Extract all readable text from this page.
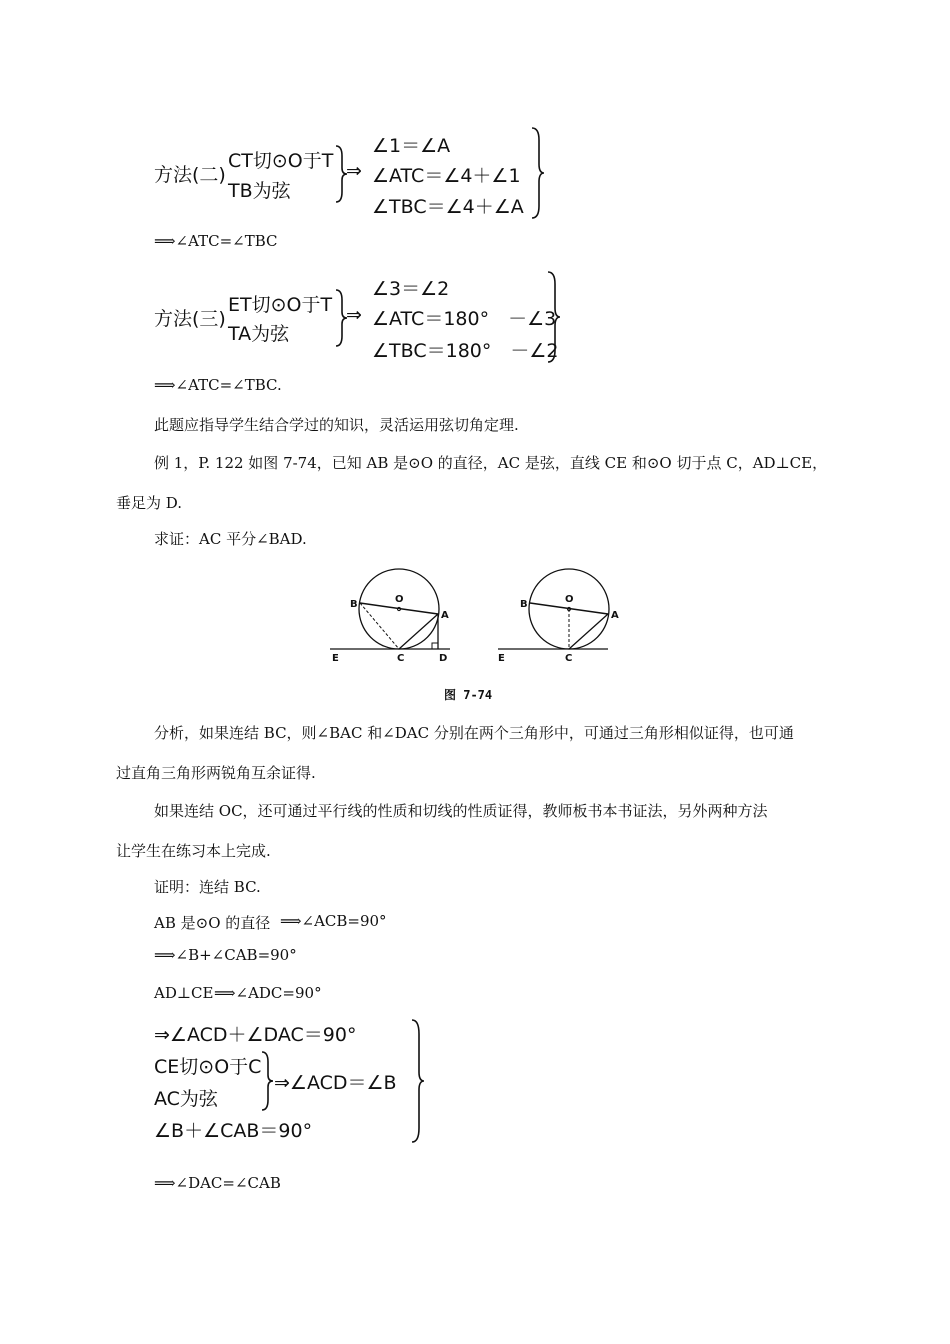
方法(二)
CT切⊙O于T
TB为弦
⇒
∠1＝∠A
∠ATC＝∠4＋∠1
∠TBC＝∠4＋∠A
⟹∠ATC=∠TBC
方法(三)
ET切⊙O于T
TA为弦
⇒
∠3＝∠2
∠ATC＝180°　－∠3
∠TBC＝180°　－∠2
⟹∠ATC=∠TBC.
此题应指导学生结合学过的知识，灵活运用弦切角定理.
例 1，P. 122 如图 7-74，已知 AB 是⊙O 的直径，AC 是弦，直线 CE 和⊙O 切于点 C，AD⊥CE，
垂足为 D.
求证：AC 平分∠BAD.
O
B
A
E	C	D
O
B
A
E	C
图 7-74
分析，如果连结 BC，则∠BAC 和∠DAC 分别在两个三角形中，可通过三角形相似证得，也可通
过直角三角形两锐角互余证得.
如果连结 OC，还可通过平行线的性质和切线的性质证得，教师板书本书证法，另外两种方法
让学生在练习本上完成.
证明：连结 BC.
AB 是⊙O 的直径 ⟹∠ACB=90°
⟹∠B+∠CAB=90°
AD⊥CE ⟹∠ADC=90°
⇒∠ACD＋∠DAC＝90°
CE切⊙O于C
AC为弦
⇒∠ACD＝∠B
∠B＋∠CAB＝90°
⟹∠DAC=∠CAB
